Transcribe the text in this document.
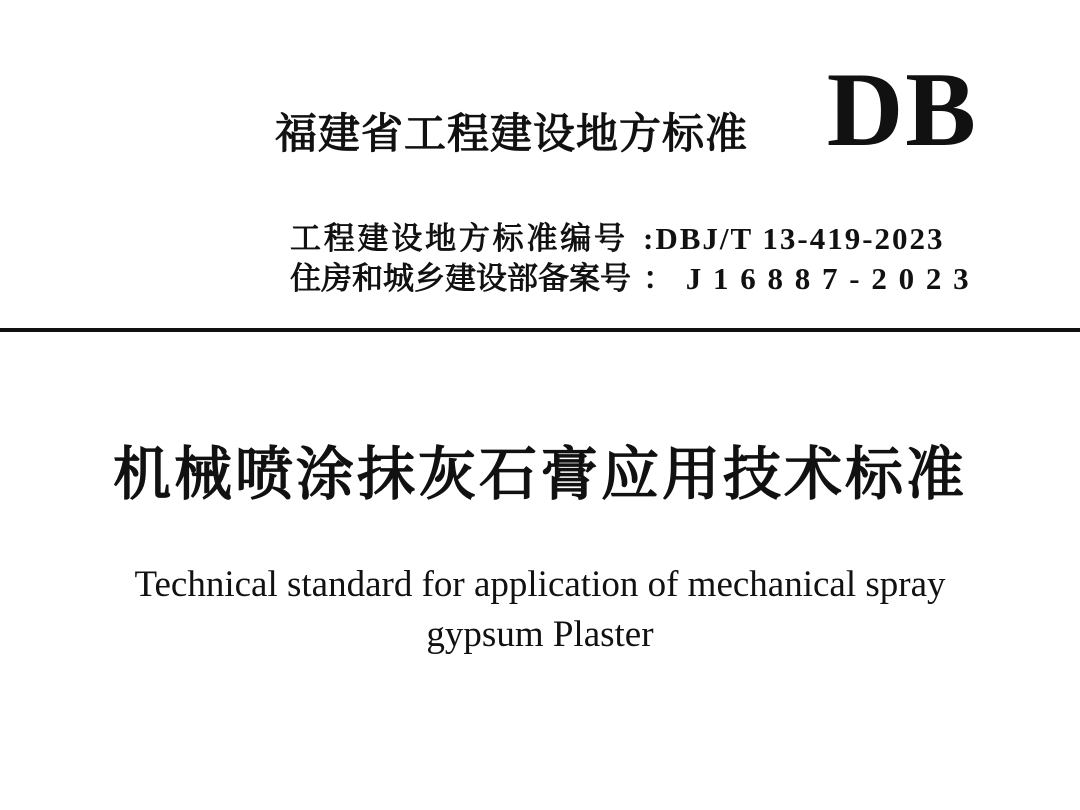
福建省工程建设地方标准 DB
工程建设地方标准编号 :DBJ/T 13-419-2023
住房和城乡建设部备案号 ： J 1 6 8 8 7 - 2 0 2 3
机械喷涂抹灰石膏应用技术标准
Technical standard for application of mechanical spray
gypsum Plaster
